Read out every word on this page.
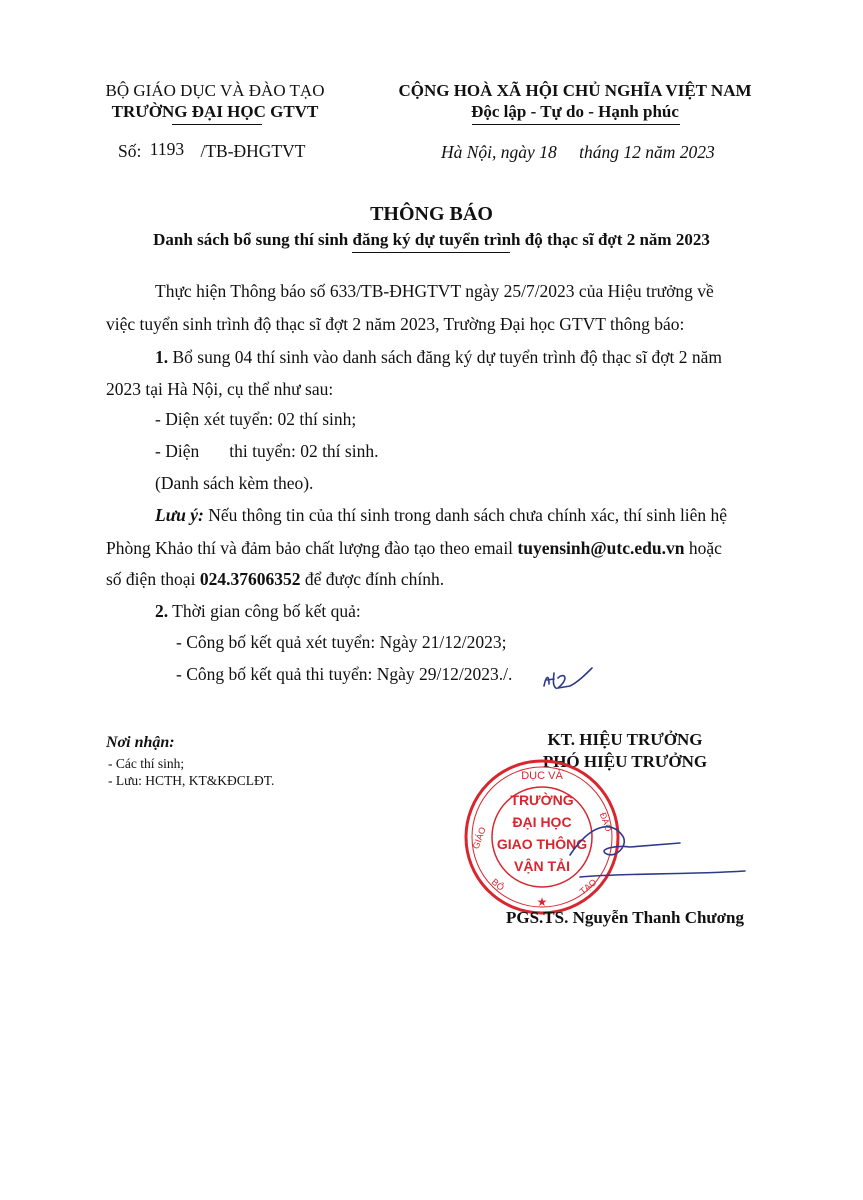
BỘ GIÁO DỤC VÀ ĐÀO TẠO
TRƯỜNG ĐẠI HỌC GTVT
CỘNG HOÀ XÃ HỘI CHỦ NGHĨA VIỆT NAM
Độc lập - Tự do - Hạnh phúc
Số: 1193 /TB-ĐHGTVT	Hà Nội, ngày 18 tháng 12 năm 2023
THÔNG BÁO
Danh sách bổ sung thí sinh đăng ký dự tuyển trình độ thạc sĩ đợt 2 năm 2023
Thực hiện Thông báo số 633/TB-ĐHGTVT ngày 25/7/2023 của Hiệu trưởng về
việc tuyển sinh trình độ thạc sĩ đợt 2 năm 2023, Trường Đại học GTVT thông báo:
1. Bổ sung 04 thí sinh vào danh sách đăng ký dự tuyển trình độ thạc sĩ đợt 2 năm
2023 tại Hà Nội, cụ thể như sau:
- Diện xét tuyển: 02 thí sinh;
- Diện thi tuyển: 02 thí sinh.
(Danh sách kèm theo).
Lưu ý: Nếu thông tin của thí sinh trong danh sách chưa chính xác, thí sinh liên hệ
Phòng Khảo thí và đảm bảo chất lượng đào tạo theo email tuyensinh@utc.edu.vn hoặc
số điện thoại 024.37606352 để được đính chính.
2. Thời gian công bố kết quả:
- Công bố kết quả xét tuyển: Ngày 21/12/2023;
- Công bố kết quả thi tuyển: Ngày 29/12/2023./.
Nơi nhận:
- Các thí sinh;
- Lưu: HCTH, KT&KĐCLĐT.
KT. HIỆU TRƯỞNG
PHÓ HIỆU TRƯỞNG
DỤC VÀ
GIÁO
ĐÀO
BỘ	TẠO
★
TRƯỜNG
ĐẠI HỌC
GIAO THÔNG
VẬN TẢI
PGS.TS. Nguyễn Thanh Chương
